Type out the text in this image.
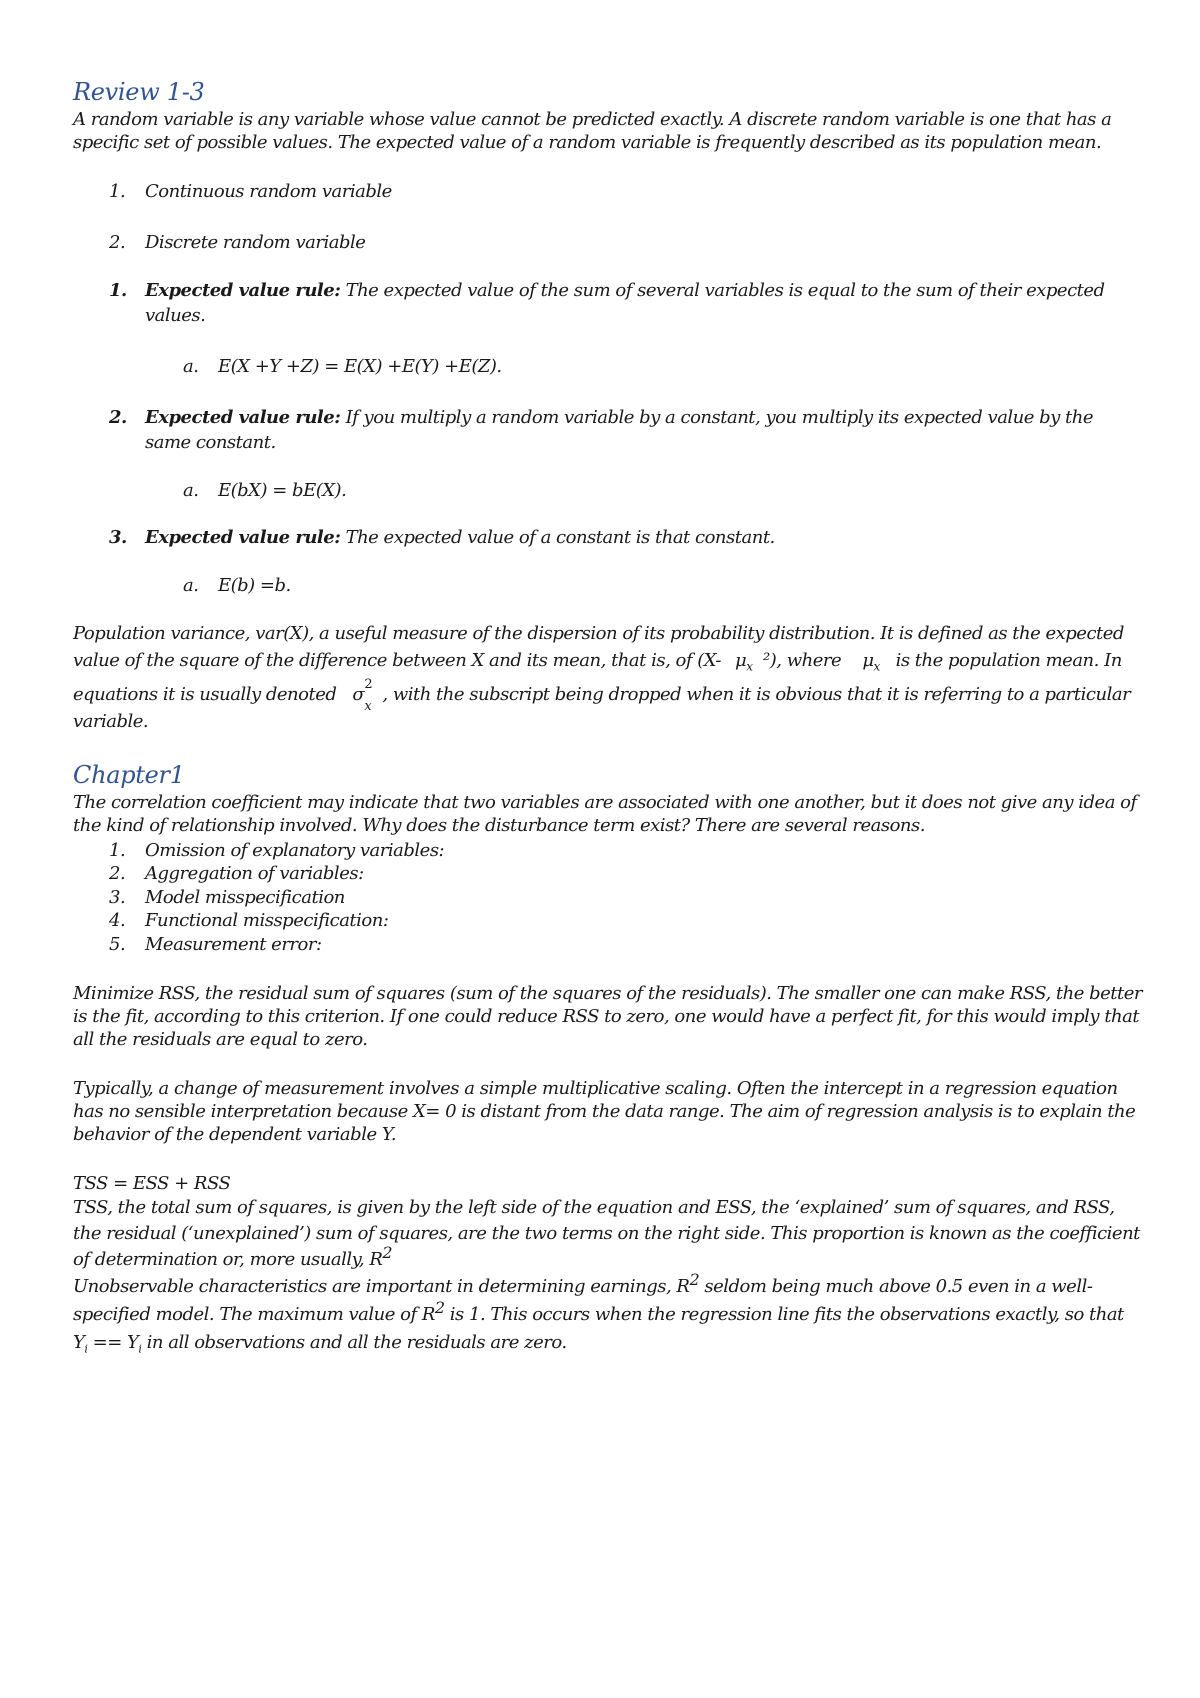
Review 1-3

A random variable is any variable whose value cannot be predicted exactly. A discrete random variable is one that has a specific set of possible values. The expected value of a random variable is frequently described as its population mean.

1. Continuous random variable
2. Discrete random variable
1. Expected value rule: The expected value of the sum of several variables is equal to the sum of their expected values.
a. E(X +Y +Z) = E(X) +E(Y) +E(Z).
2. Expected value rule: If you multiply a random variable by a constant, you multiply its expected value by the same constant.
a. E(bX) = bE(X).
3. Expected value rule: The expected value of a constant is that constant.
a. E(b) =b.

Population variance, var(X), a useful measure of the dispersion of its probability distribution. It is defined as the expected value of the square of the difference between X and its mean, that is, of (X- $\mu_x$ ²), where $\mu_x$ is the population mean. In equations it is usually denoted σ 2
x
, with the subscript being dropped when it is obvious that it is referring to a particular variable.

Chapter1

The correlation coefficient may indicate that two variables are associated with one another, but it does not give any idea of the kind of relationship involved. Why does the disturbance term exist? There are several reasons.

1. Omission of explanatory variables:
2. Aggregation of variables:
3. Model misspecification
4. Functional misspecification:
5. Measurement error:

Minimize RSS, the residual sum of squares (sum of the squares of the residuals). The smaller one can make RSS, the better is the fit, according to this criterion. If one could reduce RSS to zero, one would have a perfect fit, for this would imply that all the residuals are equal to zero.

Typically, a change of measurement involves a simple multiplicative scaling. Often the intercept in a regression equation has no sensible interpretation because X= 0 is distant from the data range. The aim of regression analysis is to explain the behavior of the dependent variable Y.

TSS = ESS + RSS

TSS, the total sum of squares, is given by the left side of the equation and ESS, the ‘explained’ sum of squares, and RSS, the residual (‘unexplained’) sum of squares, are the two terms on the right side. This proportion is known as the coefficient of determination or, more usually, $R^2$

Unobservable characteristics are important in determining earnings, $R^2$ seldom being much above 0.5 even in a well-specified model. The maximum value of $R^2$ is 1. This occurs when the regression line fits the observations exactly, so that $Y_i == Y_i$ in all observations and all the residuals are zero.
